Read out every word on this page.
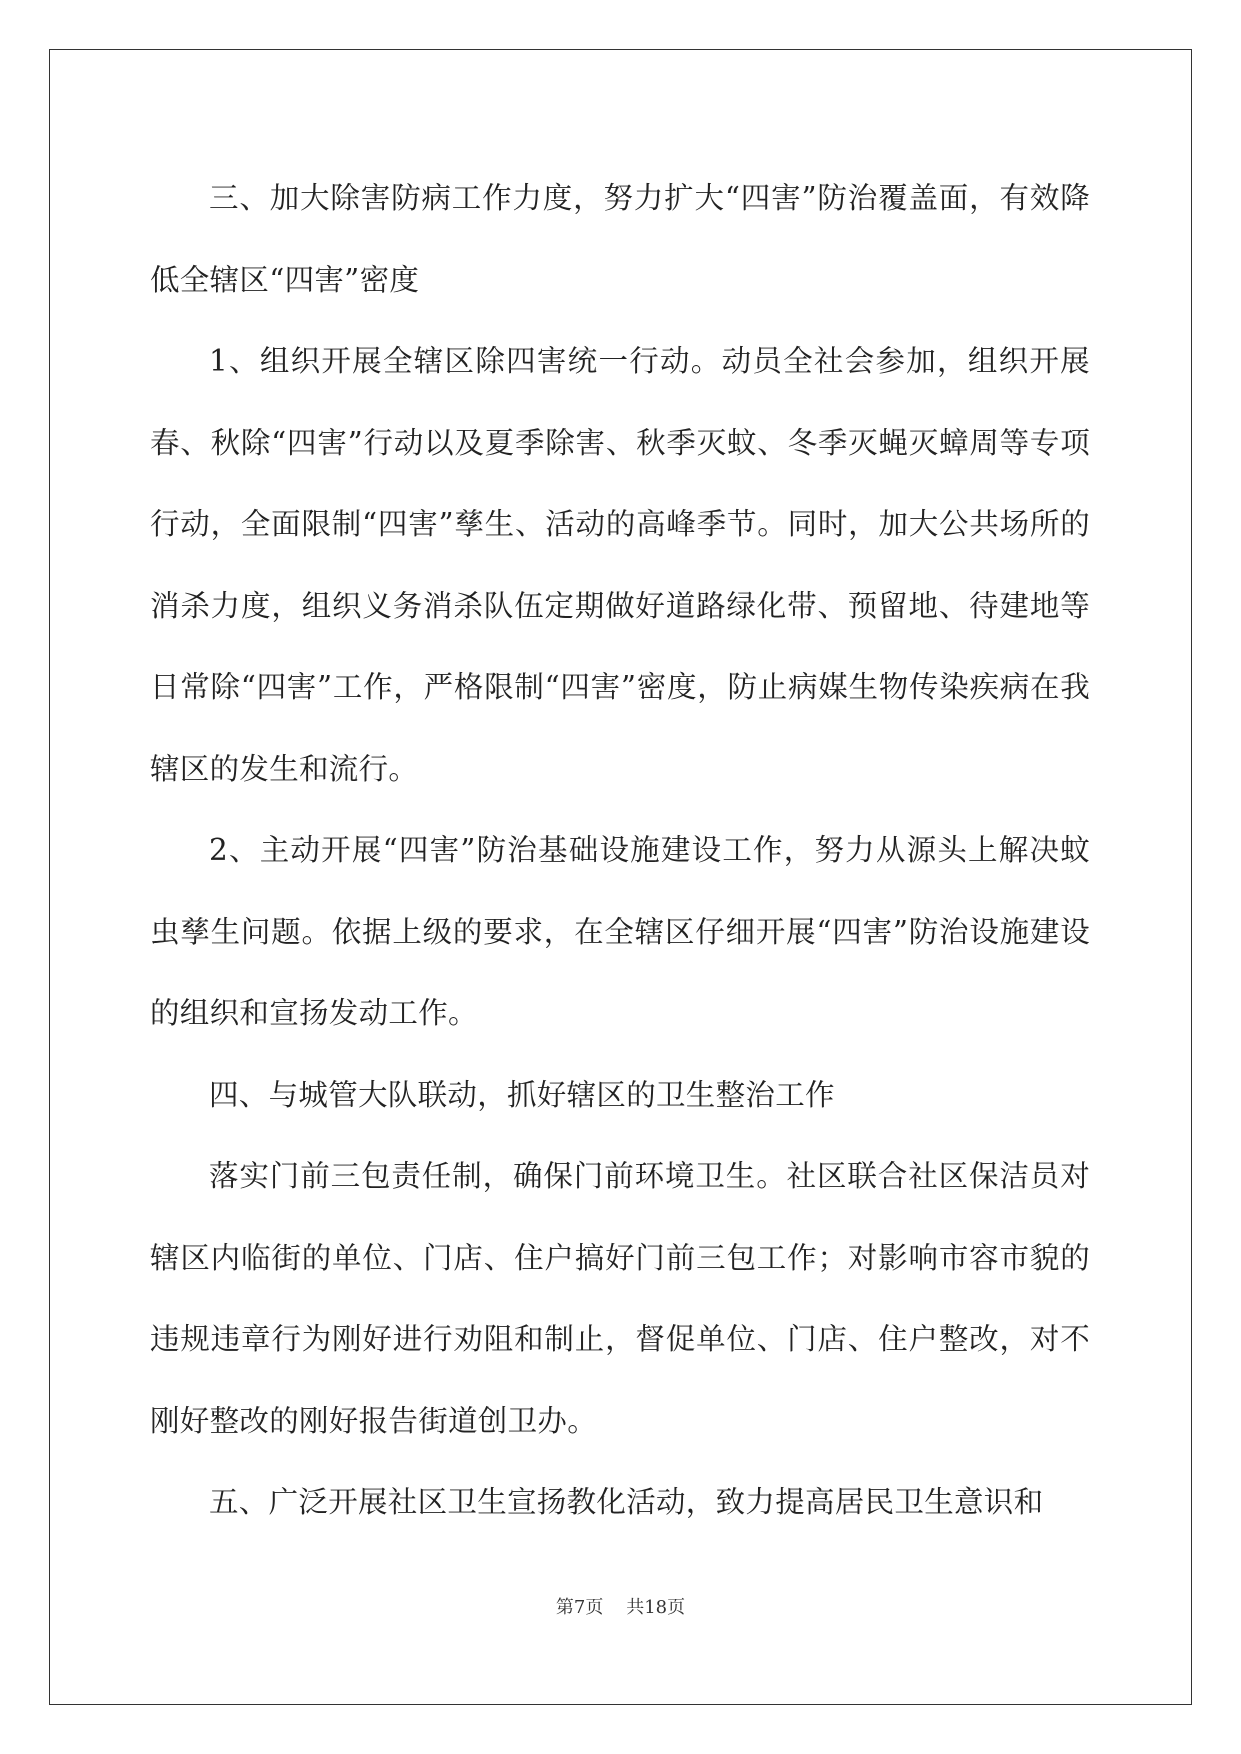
三、加大除害防病工作力度，努力扩大“四害”防治覆盖面，有效降低全辖区“四害”密度

1、组织开展全辖区除四害统一行动。动员全社会参加，组织开展春、秋除“四害”行动以及夏季除害、秋季灭蚊、冬季灭蝇灭蟑周等专项行动，全面限制“四害”孳生、活动的高峰季节。同时，加大公共场所的消杀力度，组织义务消杀队伍定期做好道路绿化带、预留地、待建地等日常除“四害”工作，严格限制“四害”密度，防止病媒生物传染疾病在我辖区的发生和流行。

2、主动开展“四害”防治基础设施建设工作，努力从源头上解决蚊虫孳生问题。依据上级的要求，在全辖区仔细开展“四害”防治设施建设的组织和宣扬发动工作。

四、与城管大队联动，抓好辖区的卫生整治工作

落实门前三包责任制，确保门前环境卫生。社区联合社区保洁员对辖区内临街的单位、门店、住户搞好门前三包工作；对影响市容市貌的违规违章行为刚好进行劝阻和制止，督促单位、门店、住户整改，对不刚好整改的刚好报告街道创卫办。

五、广泛开展社区卫生宣扬教化活动，致力提高居民卫生意识和

第7页 共18页
